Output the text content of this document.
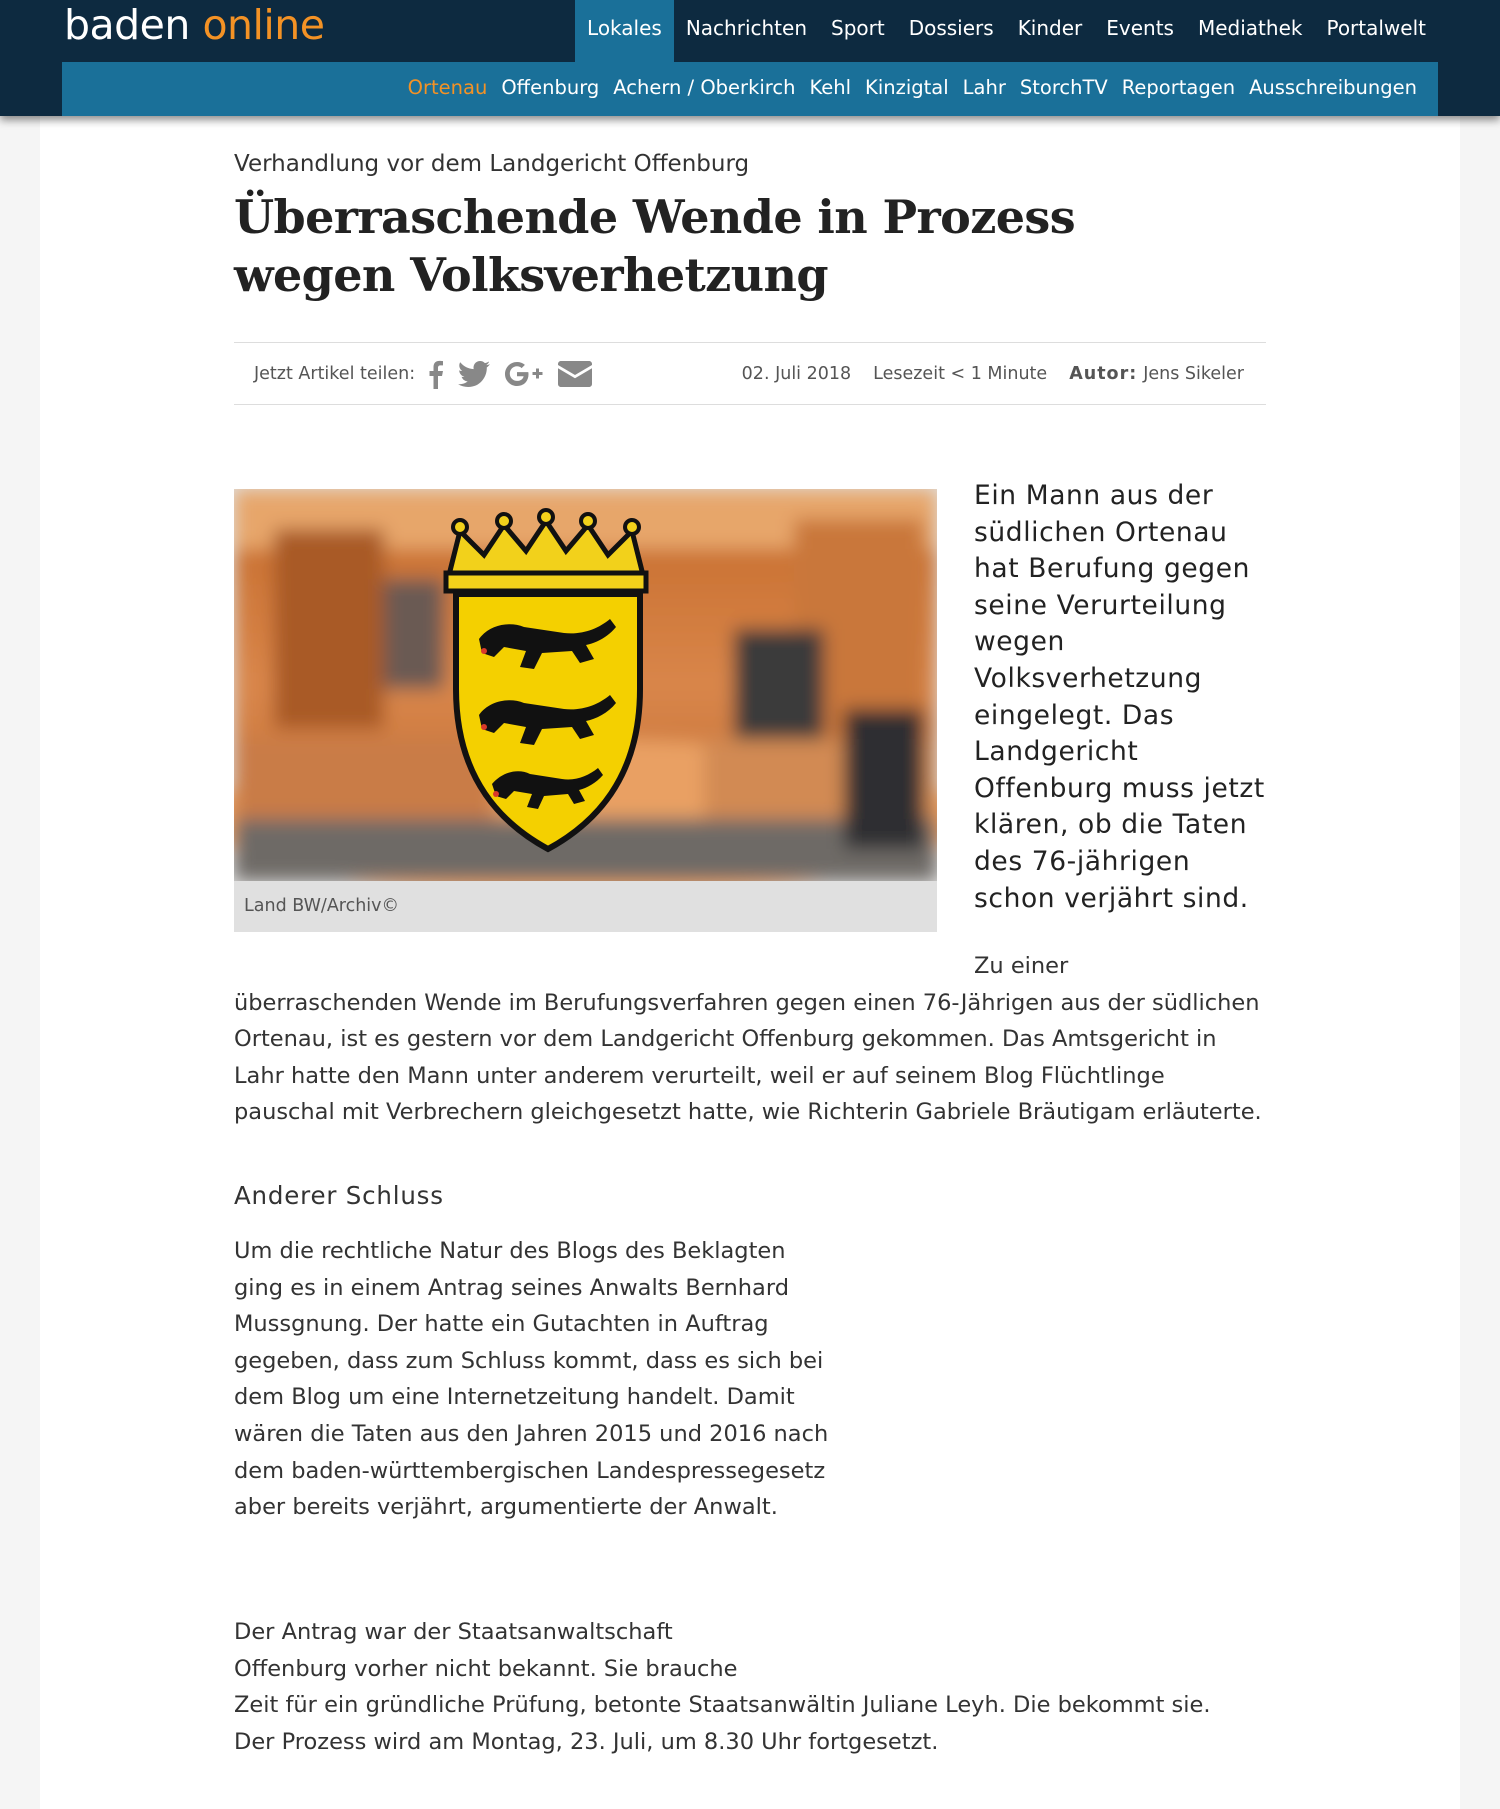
baden online	Lokales	Nachrichten	Sport	Dossiers	Kinder	Events	Mediathek	Portalwelt
Ortenau Offenburg Achern / Oberkirch Kehl Kinzigtal Lahr StorchTV Reportagen Ausschreibungen
Verhandlung vor dem Landgericht Offenburg
Überraschende Wende in Prozess wegen Volksverhetzung
Jetzt Artikel teilen:	02. Juli 2018 Lesezeit < 1 Minute Autor: Jens Sikeler
Land BW/Archiv©

Ein Mann aus der südlichen Ortenau hat Berufung gegen seine Verurteilung wegen Volksverhetzung eingelegt. Das Landgericht Offenburg muss jetzt klären, ob die Taten des 76-jährigen schon verjährt sind.

Zu einer
überraschenden Wende im Berufungsverfahren gegen einen 76-Jährigen aus der südlichen Ortenau, ist es gestern vor dem Landgericht Offenburg gekommen. Das Amtsgericht in Lahr hatte den Mann unter anderem verurteilt, weil er auf seinem Blog Flüchtlinge pauschal mit Verbrechern gleichgesetzt hatte, wie Richterin Gabriele Bräutigam erläuterte.

Anderer Schluss

Um die rechtliche Natur des Blogs des Beklagten ging es in einem Antrag seines Anwalts Bernhard Mussgnung. Der hatte ein Gutachten in Auftrag gegeben, dass zum Schluss kommt, dass es sich bei dem Blog um eine Internetzeitung handelt. Damit wären die Taten aus den Jahren 2015 und 2016 nach dem baden-württembergischen Landespressegesetz aber bereits verjährt, argumentierte der Anwalt.

Der Antrag war der Staatsanwaltschaft
Offenburg vorher nicht bekannt. Sie brauche
Zeit für ein gründliche Prüfung, betonte Staatsanwältin Juliane Leyh. Die bekommt sie.
Der Prozess wird am Montag, 23. Juli, um 8.30 Uhr fortgesetzt.
